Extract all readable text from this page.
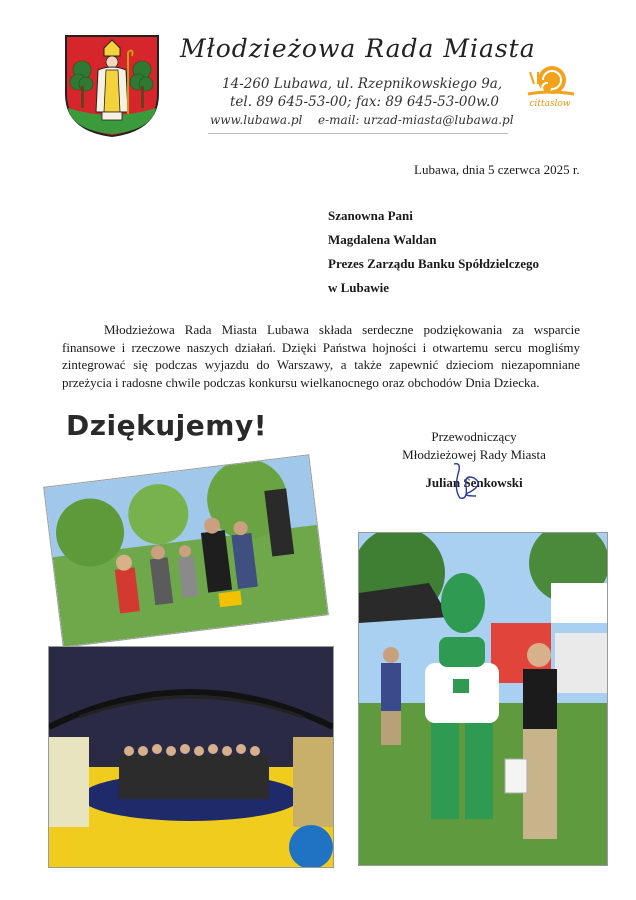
Młodzieżowa Rada Miasta
14-260 Lubawa, ul. Rzepnikowskiego 9a,
tel. 89 645-53-00; fax: 89 645-53-00w.0
www.lubawa.pl e-mail: urzad-miasta@lubawa.pl
cittaslow
Lubawa, dnia 5 czerwca 2025 r.
Szanowna Pani
Magdalena Waldan
Prezes Zarządu Banku Spółdzielczego
w Lubawie
Młodzieżowa Rada Miasta Lubawa składa serdeczne podziękowania za wsparcie finansowe i rzeczowe naszych działań. Dzięki Państwa hojności i otwartemu sercu mogliśmy zintegrować się podczas wyjazdu do Warszawy, a także zapewnić dzieciom niezapomniane przeżycia i radosne chwile podczas konkursu wielkanocnego oraz obchodów Dnia Dziecka.
Dziękujemy!	Przewodniczący
Młodzieżowej Rady Miasta
Julian Senkowski
